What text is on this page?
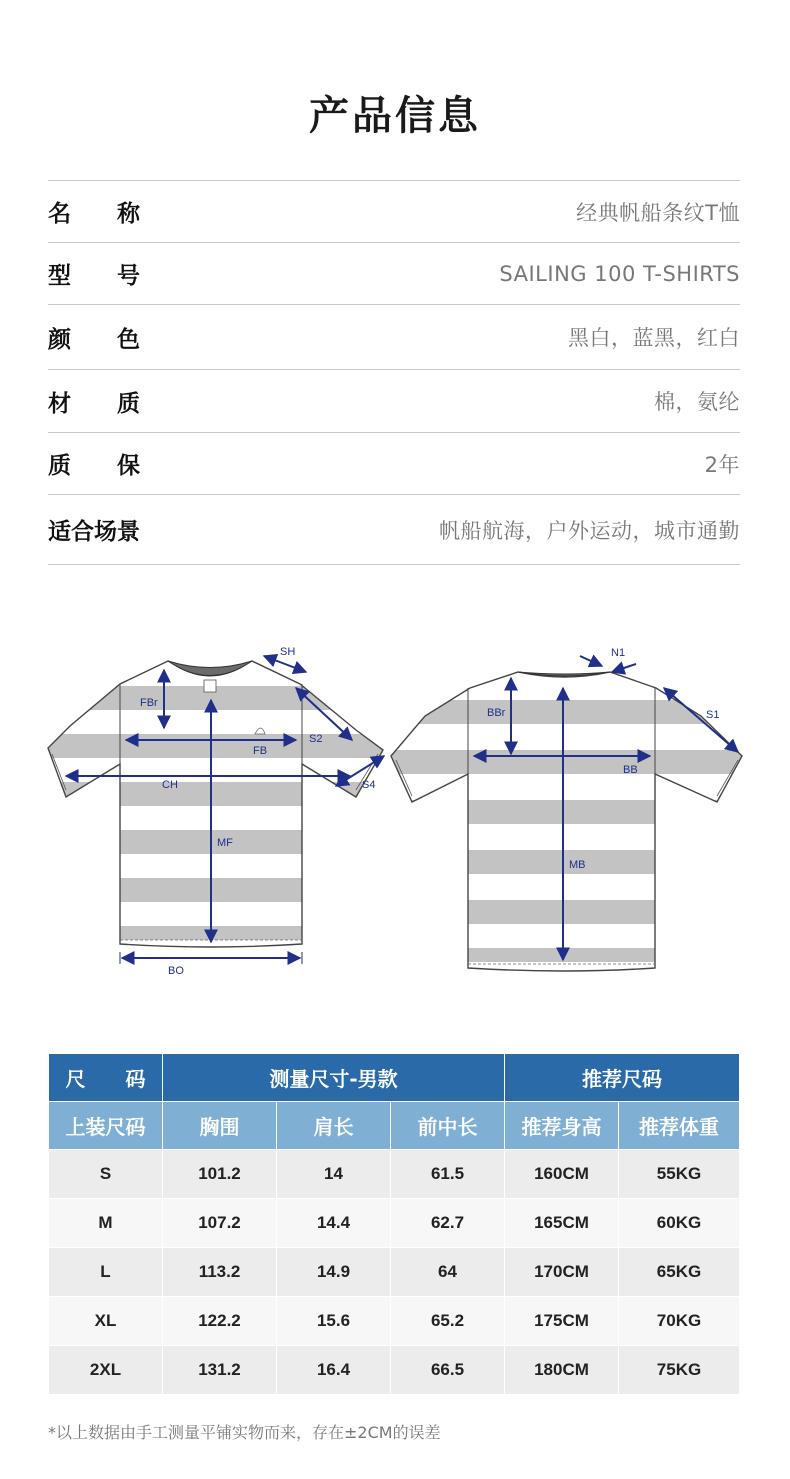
产品信息
名称	经典帆船条纹T恤
型号	SAILING 100 T-SHIRTS
颜色	黑白，蓝黑，红白
材质	棉，氨纶
质保	2年
适合场景	帆船航海，户外运动，城市通勤
SH
FBr
FB
S2
CH	S4
MF
BO
N1
BBr	S1
BB
MB
尺　　码	测量尺寸-男款			推荐尺码	
上装尺码	胸围	肩长	前中长	推荐身高	推荐体重
S	101.2	14	61.5	160CM	55KG
M	107.2	14.4	62.7	165CM	60KG
L	113.2	14.9	64	170CM	65KG
XL	122.2	15.6	65.2	175CM	70KG
2XL	131.2	16.4	66.5	180CM	75KG
*以上数据由手工测量平铺实物而来，存在±2CM的误差
